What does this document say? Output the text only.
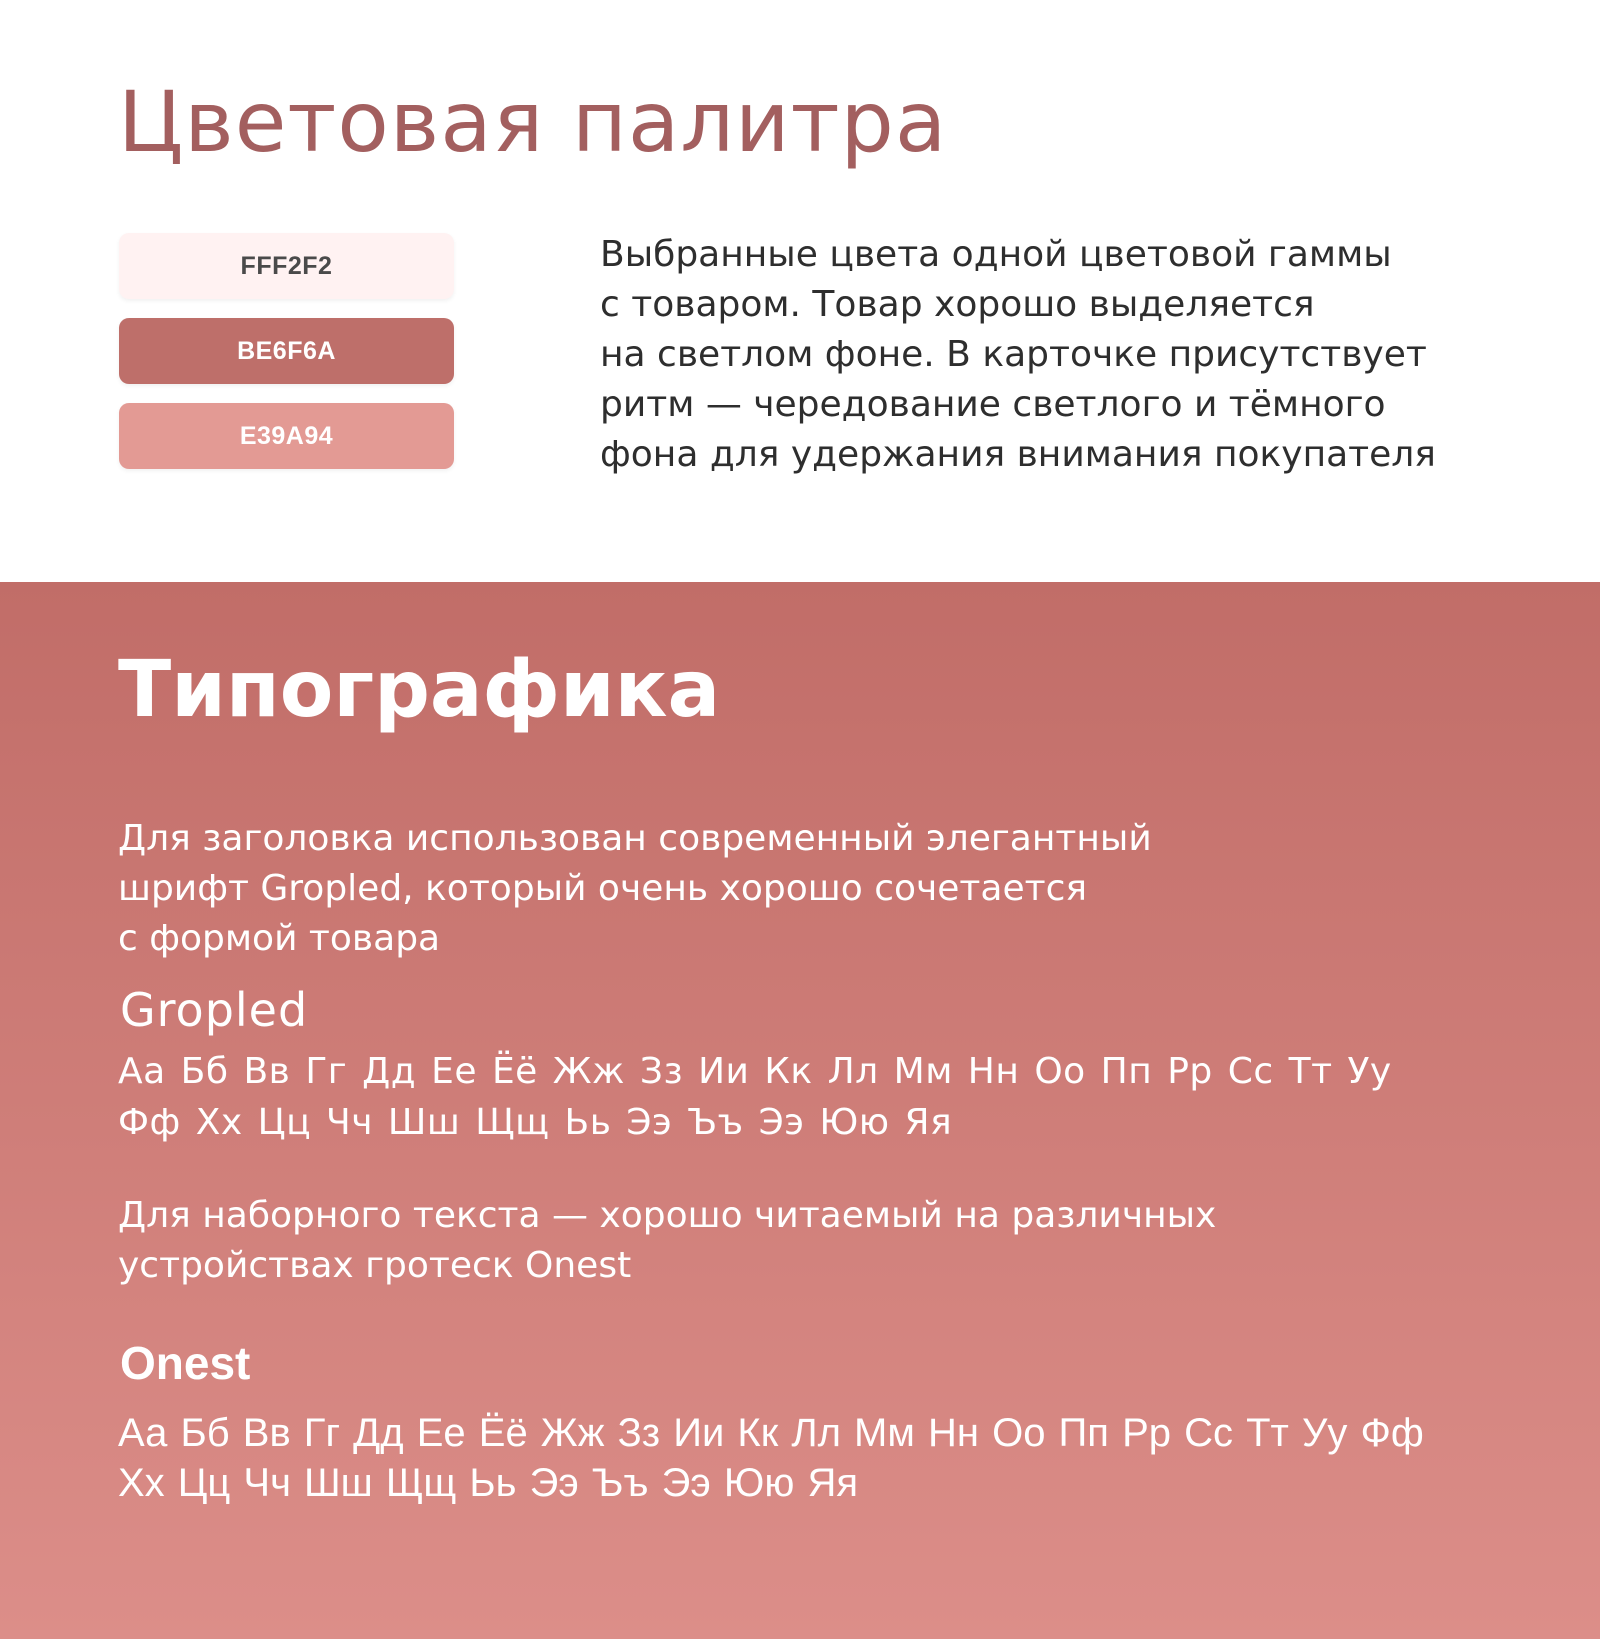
Цветовая палитра
FFF2F2
BE6F6A
E39A94

Выбранные цвета одной цветовой гаммы
с товаром. Товар хорошо выделяется
на светлом фоне. В карточке присутствует
ритм — чередование светлого и тёмного
фона для удержания внимания покупателя

Типографика

Для заголовка использован современный элегантный
шрифт Gropled, который очень хорошо сочетается
с формой товара

Gropled

Аа Бб Вв Гг Дд Ее Ёё Жж Зз Ии Кк Лл Мм Нн Оо Пп Рр Сс Тт Уу
Фф Хх Цц Чч Шш Щщ Ьь Ээ Ъъ Ээ Юю Яя

Для наборного текста — хорошо читаемый на различных
устройствах гротеск Onest

Onest

Аа Бб Вв Гг Дд Ее Ёё Жж Зз Ии Кк Лл Мм Нн Оо Пп Рр Сс Тт Уу Фф
Хх Цц Чч Шш Щщ Ьь Ээ Ъъ Ээ Юю Яя
